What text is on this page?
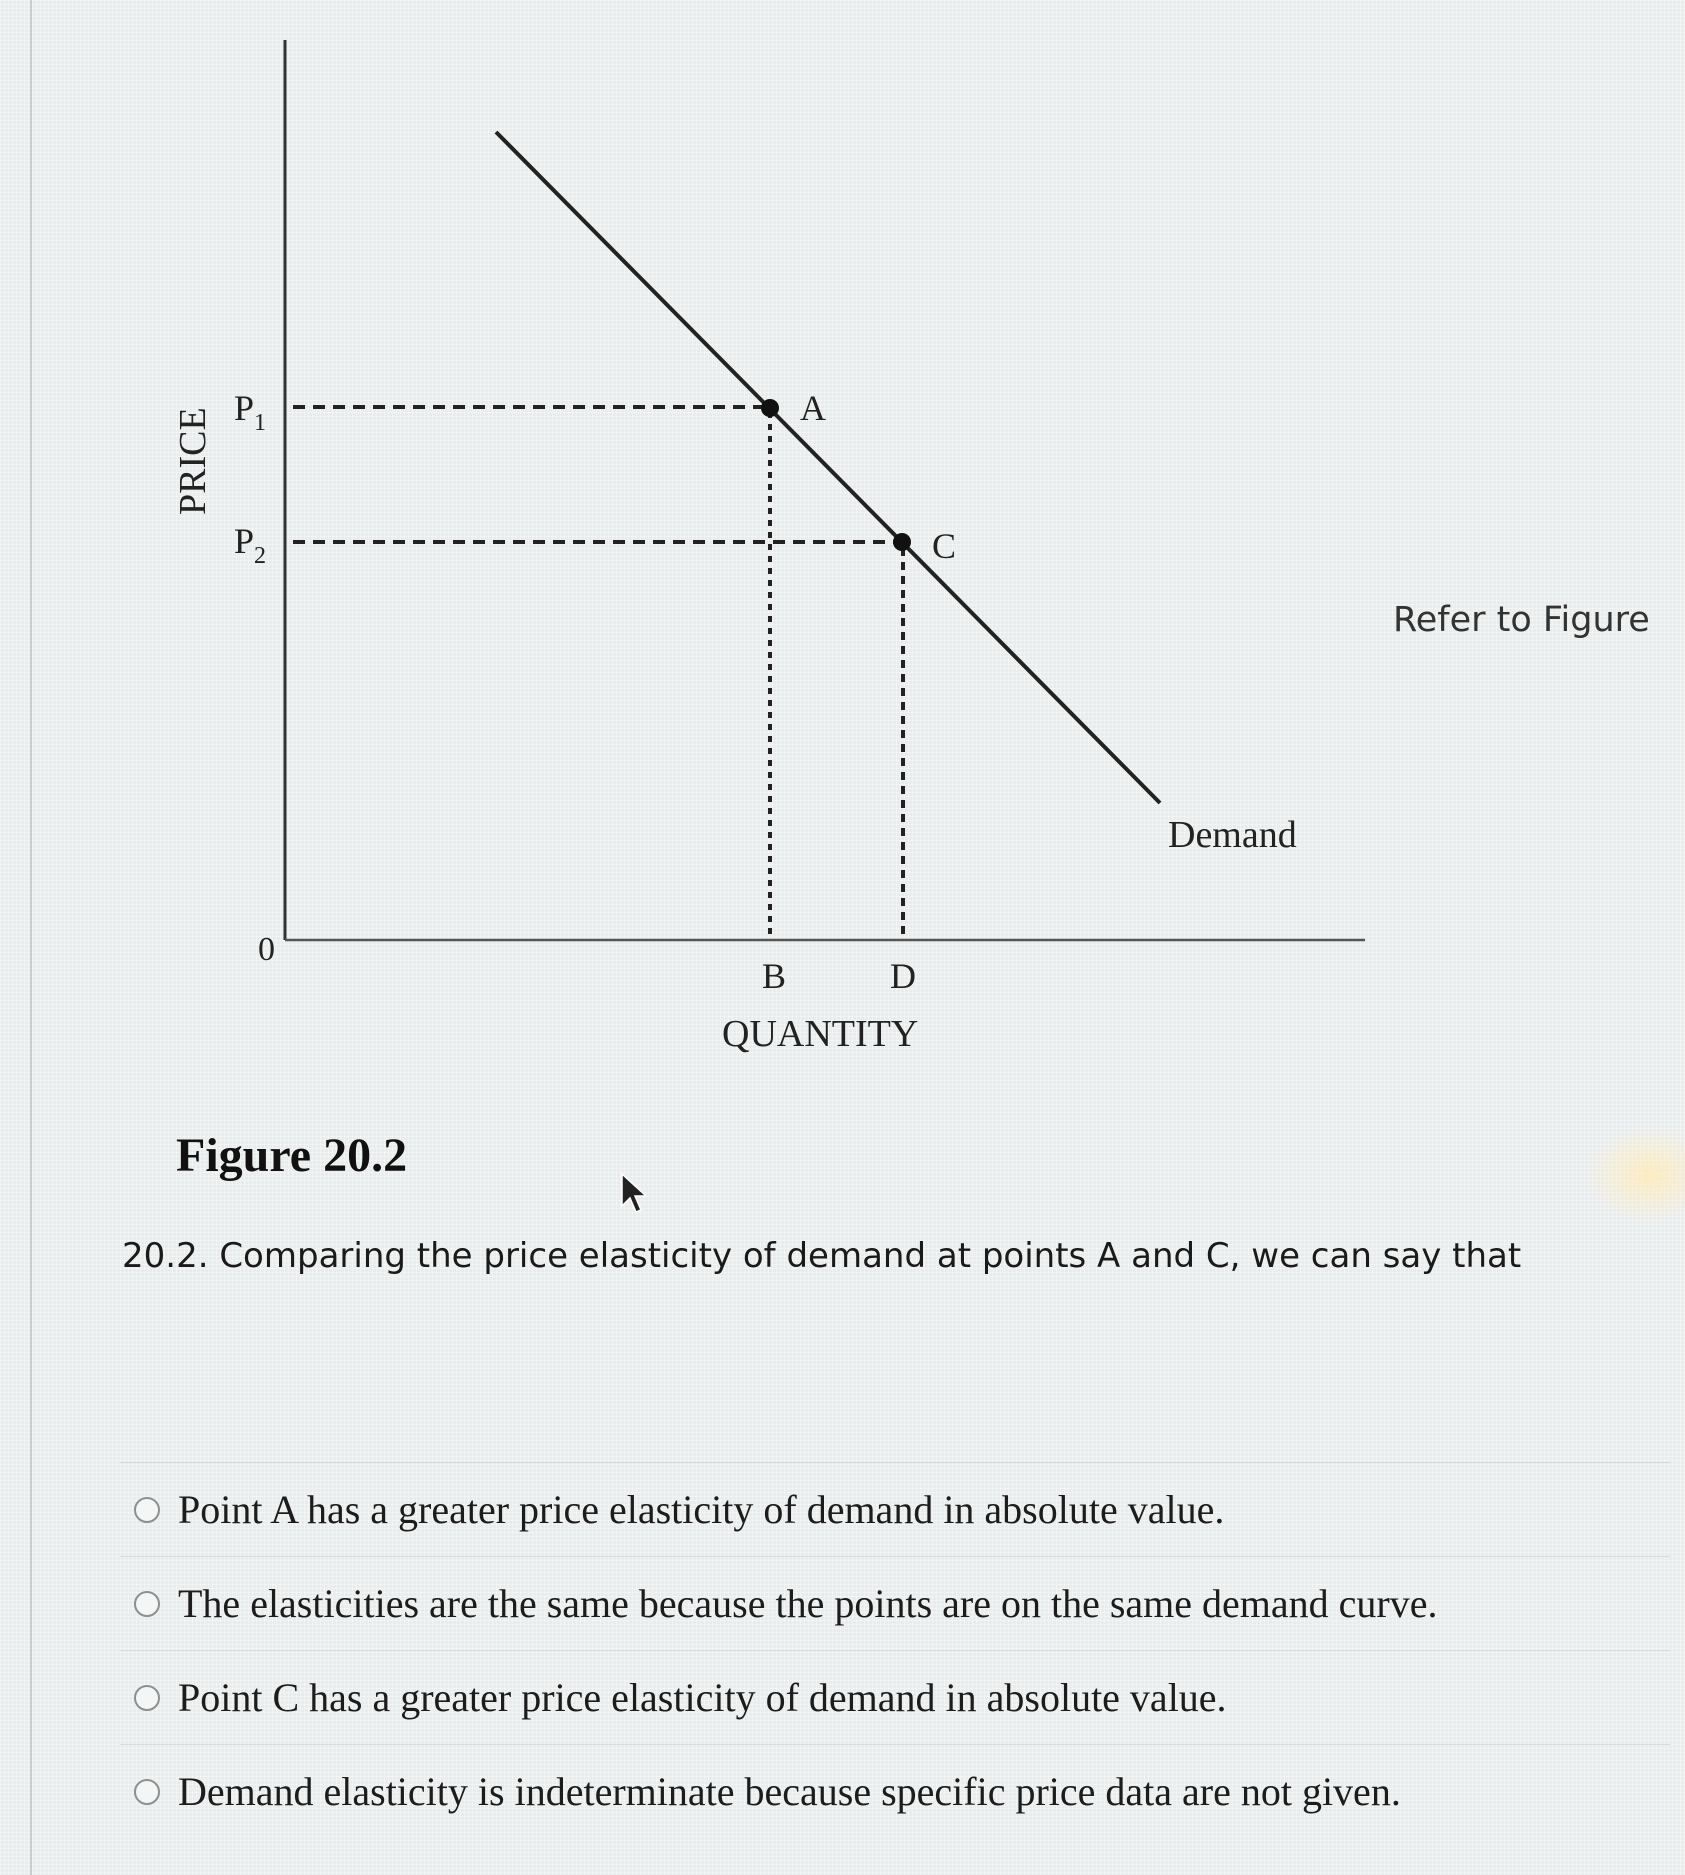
PRICE $P_1$
$P_2$
0
A
C
B	D
QUANTITY
Demand
Refer to Figure
Figure 20.2
20.2. Comparing the price elasticity of demand at points A and C, we can say that
Point A has a greater price elasticity of demand in absolute value.
The elasticities are the same because the points are on the same demand curve.
Point C has a greater price elasticity of demand in absolute value.
Demand elasticity is indeterminate because specific price data are not given.
